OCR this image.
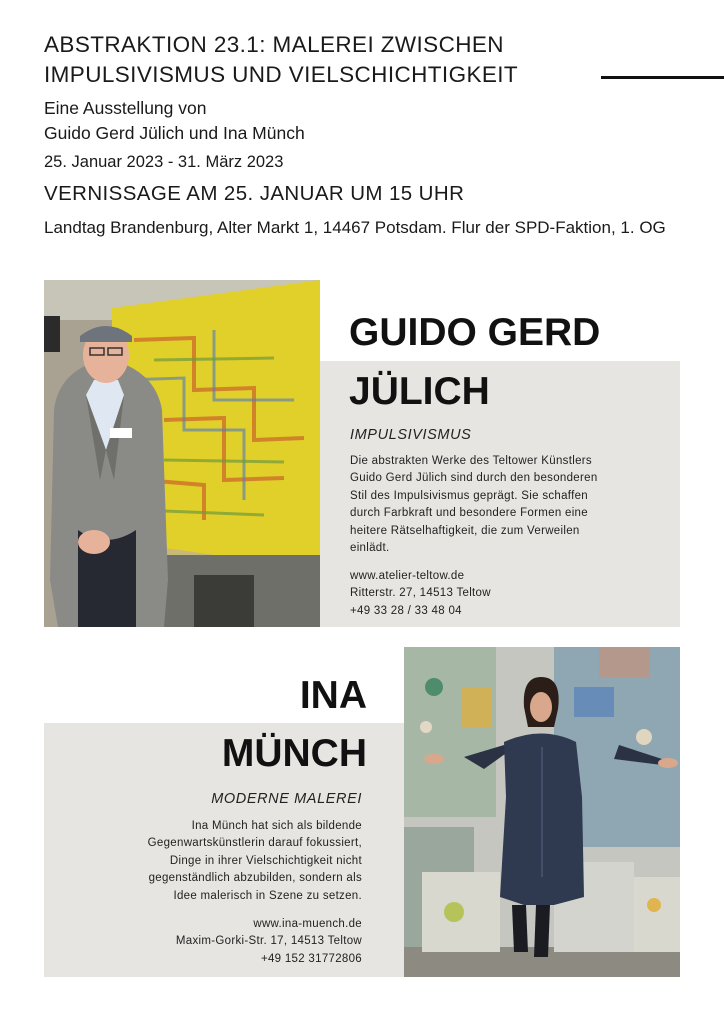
ABSTRAKTION 23.1: MALEREI ZWISCHEN
IMPULSIVISMUS UND VIELSCHICHTIGKEIT
Eine Ausstellung von
Guido Gerd Jülich und Ina Münch
25. Januar 2023 - 31. März 2023
VERNISSAGE AM 25. JANUAR UM 15 UHR
Landtag Brandenburg, Alter Markt 1, 14467 Potsdam. Flur der SPD-Faktion, 1. OG
GUIDO GERD
JÜLICH
IMPULSIVISMUS
Die abstrakten Werke des Teltower Künstlers
Guido Gerd Jülich sind durch den besonderen
Stil des Impulsivismus geprägt. Sie schaffen
durch Farbkraft und besondere Formen eine
heitere Rätselhaftigkeit, die zum Verweilen
einlädt.
www.atelier-teltow.de
Ritterstr. 27, 14513 Teltow
+49 33 28 / 33 48 04
INA
MÜNCH
MODERNE MALEREI
Ina Münch hat sich als bildende
Gegenwartskünstlerin darauf fokussiert,
Dinge in ihrer Vielschichtigkeit nicht
gegenständlich abzubilden, sondern als
Idee malerisch in Szene zu setzen.
www.ina-muench.de
Maxim-Gorki-Str. 17, 14513 Teltow
+49 152 31772806
